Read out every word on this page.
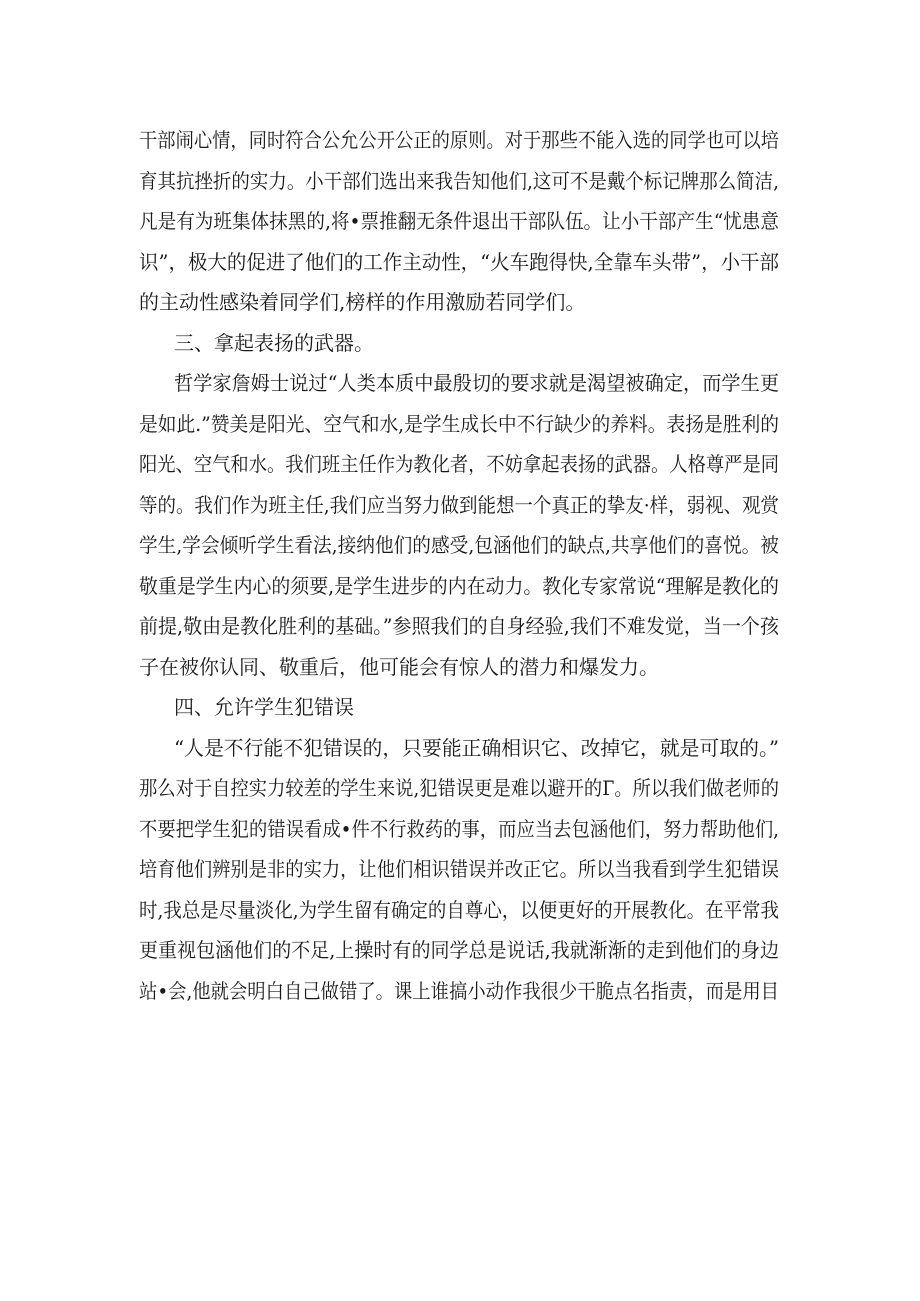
干部闹心情，同时符合公允公开公正的原则。对于那些不能入选的同学也可以培
育其抗挫折的实力。小干部们选出来我告知他们,这可不是戴个标记牌那么简洁,
凡是有为班集体抹黑的,将•票推翻无条件退出干部队伍。让小干部产生“忧患意
识”，极大的促进了他们的工作主动性，“火车跑得快,全靠车头带”，小干部
的主动性感染着同学们,榜样的作用激励若同学们。
三、拿起表扬的武器。
哲学家詹姆士说过“人类本质中最殷切的要求就是渴望被确定，而学生更
是如此.”赞美是阳光、空气和水,是学生成长中不行缺少的养料。表扬是胜利的
阳光、空气和水。我们班主任作为教化者，不妨拿起表扬的武器。人格尊严是同
等的。我们作为班主任,我们应当努力做到能想一个真正的挚友·样，弱视、观赏
学生,学会倾听学生看法,接纳他们的感受,包涵他们的缺点,共享他们的喜悦。被
敬重是学生内心的须要,是学生进步的内在动力。教化专家常说“理解是教化的
前提,敬由是教化胜利的基础。”参照我们的自身经验,我们不难发觉，当一个孩
子在被你认同、敬重后，他可能会有惊人的潜力和爆发力。
四、允许学生犯错误
“人是不行能不犯错误的，只要能正确相识它、改掉它，就是可取的。”
那么对于自控实力较差的学生来说,犯错误更是难以避开的Г。所以我们做老师的
不要把学生犯的错误看成•件不行救药的事，而应当去包涵他们，努力帮助他们,
培育他们辨别是非的实力，让他们相识错误并改正它。所以当我看到学生犯错误
时,我总是尽量淡化,为学生留有确定的自尊心，以便更好的开展教化。在平常我
更重视包涵他们的不足,上操时有的同学总是说话,我就渐渐的走到他们的身边
站•会,他就会明白自己做错了。课上谁搞小动作我很少干脆点名指责，而是用目
